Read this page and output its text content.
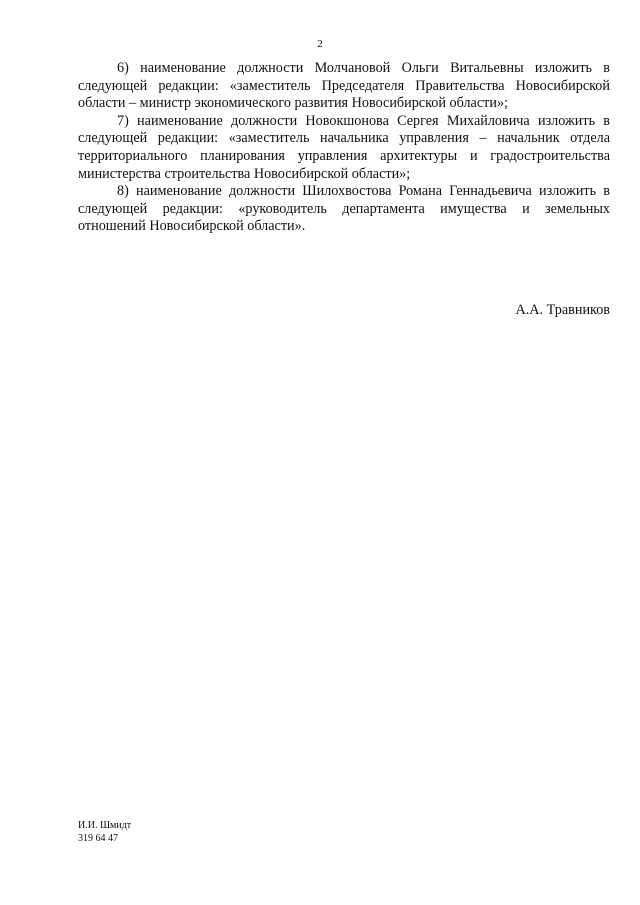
2

6) наименование должности Молчановой Ольги Витальевны изложить в следующей редакции: «заместитель Председателя Правительства Новосибирской области – министр экономического развития Новосибирской области»;

7) наименование должности Новокшонова Сергея Михайловича изложить в следующей редакции: «заместитель начальника управления – начальник отдела территориального планирования управления архитектуры и градостроительства министерства строительства Новосибирской области»;

8) наименование должности Шилохвостова Романа Геннадьевича изложить в следующей редакции: «руководитель департамента имущества и земельных отношений Новосибирской области».

А.А. Травников
И.И. Шмидт
319 64 47
